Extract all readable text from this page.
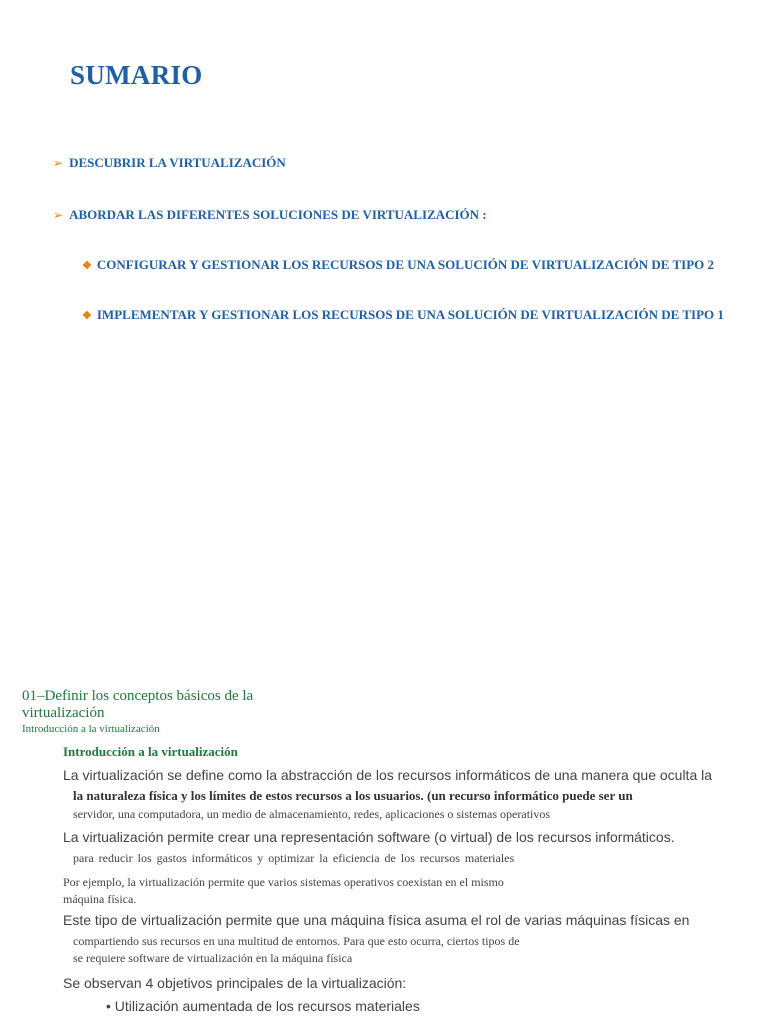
SUMARIO
➢ DESCUBRIR LA VIRTUALIZACIÓN
➢ ABORDAR LAS DIFERENTES SOLUCIONES DE VIRTUALIZACIÓN :
❖ CONFIGURAR Y GESTIONAR LOS RECURSOS DE UNA SOLUCIÓN DE VIRTUALIZACIÓN DE TIPO 2
❖ IMPLEMENTAR Y GESTIONAR LOS RECURSOS DE UNA SOLUCIÓN DE VIRTUALIZACIÓN DE TIPO 1
01–Definir los conceptos básicos de la
virtualización
Introducción a la virtualización
Introducción a la virtualización
La virtualización se define como la abstracción de los recursos informáticos de una manera que oculta la
la naturaleza física y los límites de estos recursos a los usuarios. (un recurso informático puede ser un
servidor, una computadora, un medio de almacenamiento, redes, aplicaciones o sistemas operativos
La virtualización permite crear una representación software (o virtual) de los recursos informáticos.
para reducir los gastos informáticos y optimizar la eficiencia de los recursos materiales
Por ejemplo, la virtualización permite que varios sistemas operativos coexistan en el mismo
máquina física.
Este tipo de virtualización permite que una máquina física asuma el rol de varias máquinas físicas en
compartiendo sus recursos en una multitud de entornos. Para que esto ocurra, ciertos tipos de
se requiere software de virtualización en la máquina física
Se observan 4 objetivos principales de la virtualización:
• Utilización aumentada de los recursos materiales
